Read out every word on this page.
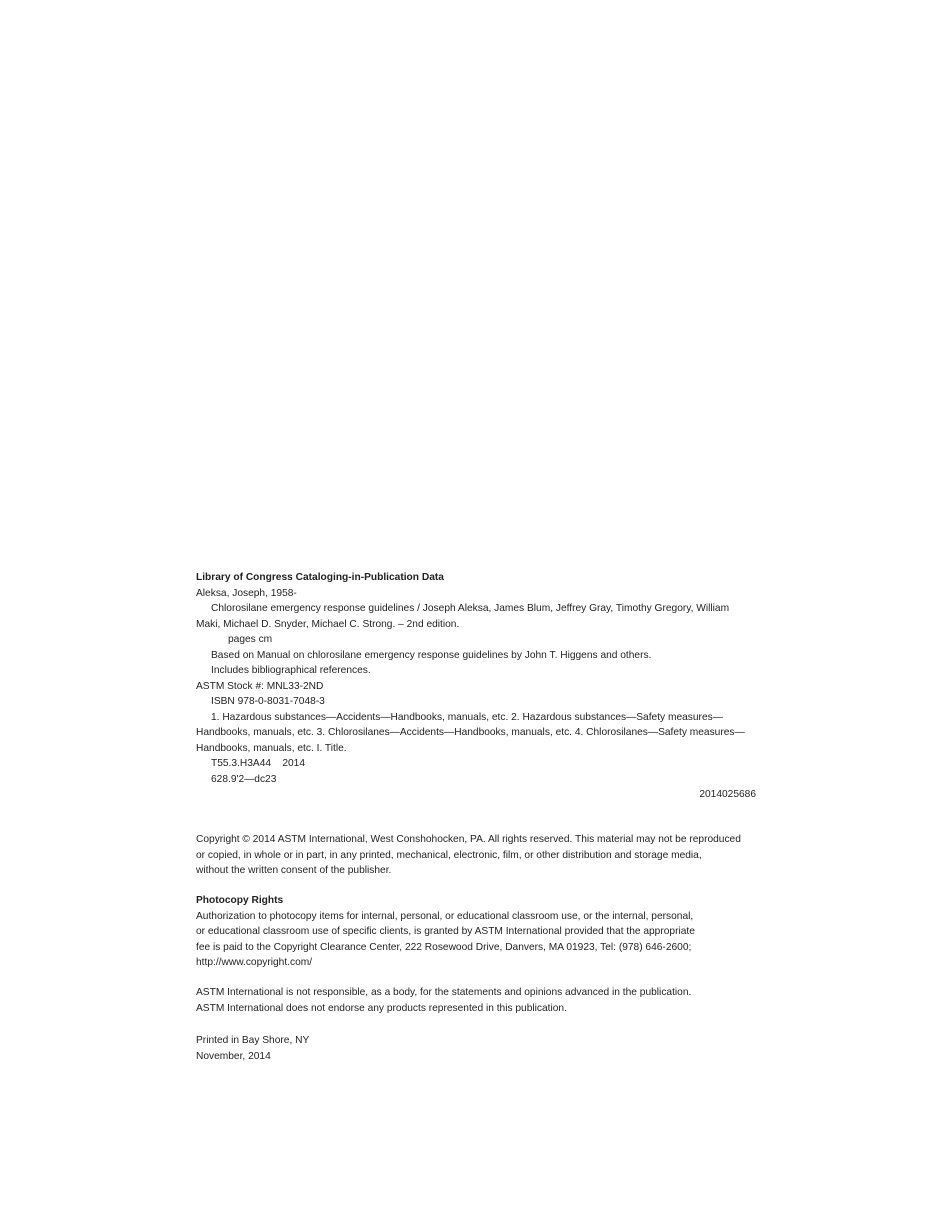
Library of Congress Cataloging-in-Publication Data
Aleksa, Joseph, 1958-
Chlorosilane emergency response guidelines / Joseph Aleksa, James Blum, Jeffrey Gray, Timothy Gregory, William Maki, Michael D. Snyder, Michael C. Strong. – 2nd edition.
pages cm
Based on Manual on chlorosilane emergency response guidelines by John T. Higgens and others.
Includes bibliographical references.
ASTM Stock #: MNL33-2ND
ISBN 978-0-8031-7048-3
1. Hazardous substances—Accidents—Handbooks, manuals, etc. 2. Hazardous substances—Safety measures—Handbooks, manuals, etc. 3. Chlorosilanes—Accidents—Handbooks, manuals, etc. 4. Chlorosilanes—Safety measures—Handbooks, manuals, etc. I. Title.
T55.3.H3A44    2014
628.9'2—dc23
2014025686
Copyright © 2014 ASTM International, West Conshohocken, PA. All rights reserved. This material may not be reproduced
or copied, in whole or in part, in any printed, mechanical, electronic, film, or other distribution and storage media,
without the written consent of the publisher.
Photocopy Rights
Authorization to photocopy items for internal, personal, or educational classroom use, or the internal, personal,
or educational classroom use of specific clients, is granted by ASTM International provided that the appropriate
fee is paid to the Copyright Clearance Center, 222 Rosewood Drive, Danvers, MA 01923, Tel: (978) 646-2600;
http://www.copyright.com/
ASTM International is not responsible, as a body, for the statements and opinions advanced in the publication.
ASTM International does not endorse any products represented in this publication.
Printed in Bay Shore, NY
November, 2014
